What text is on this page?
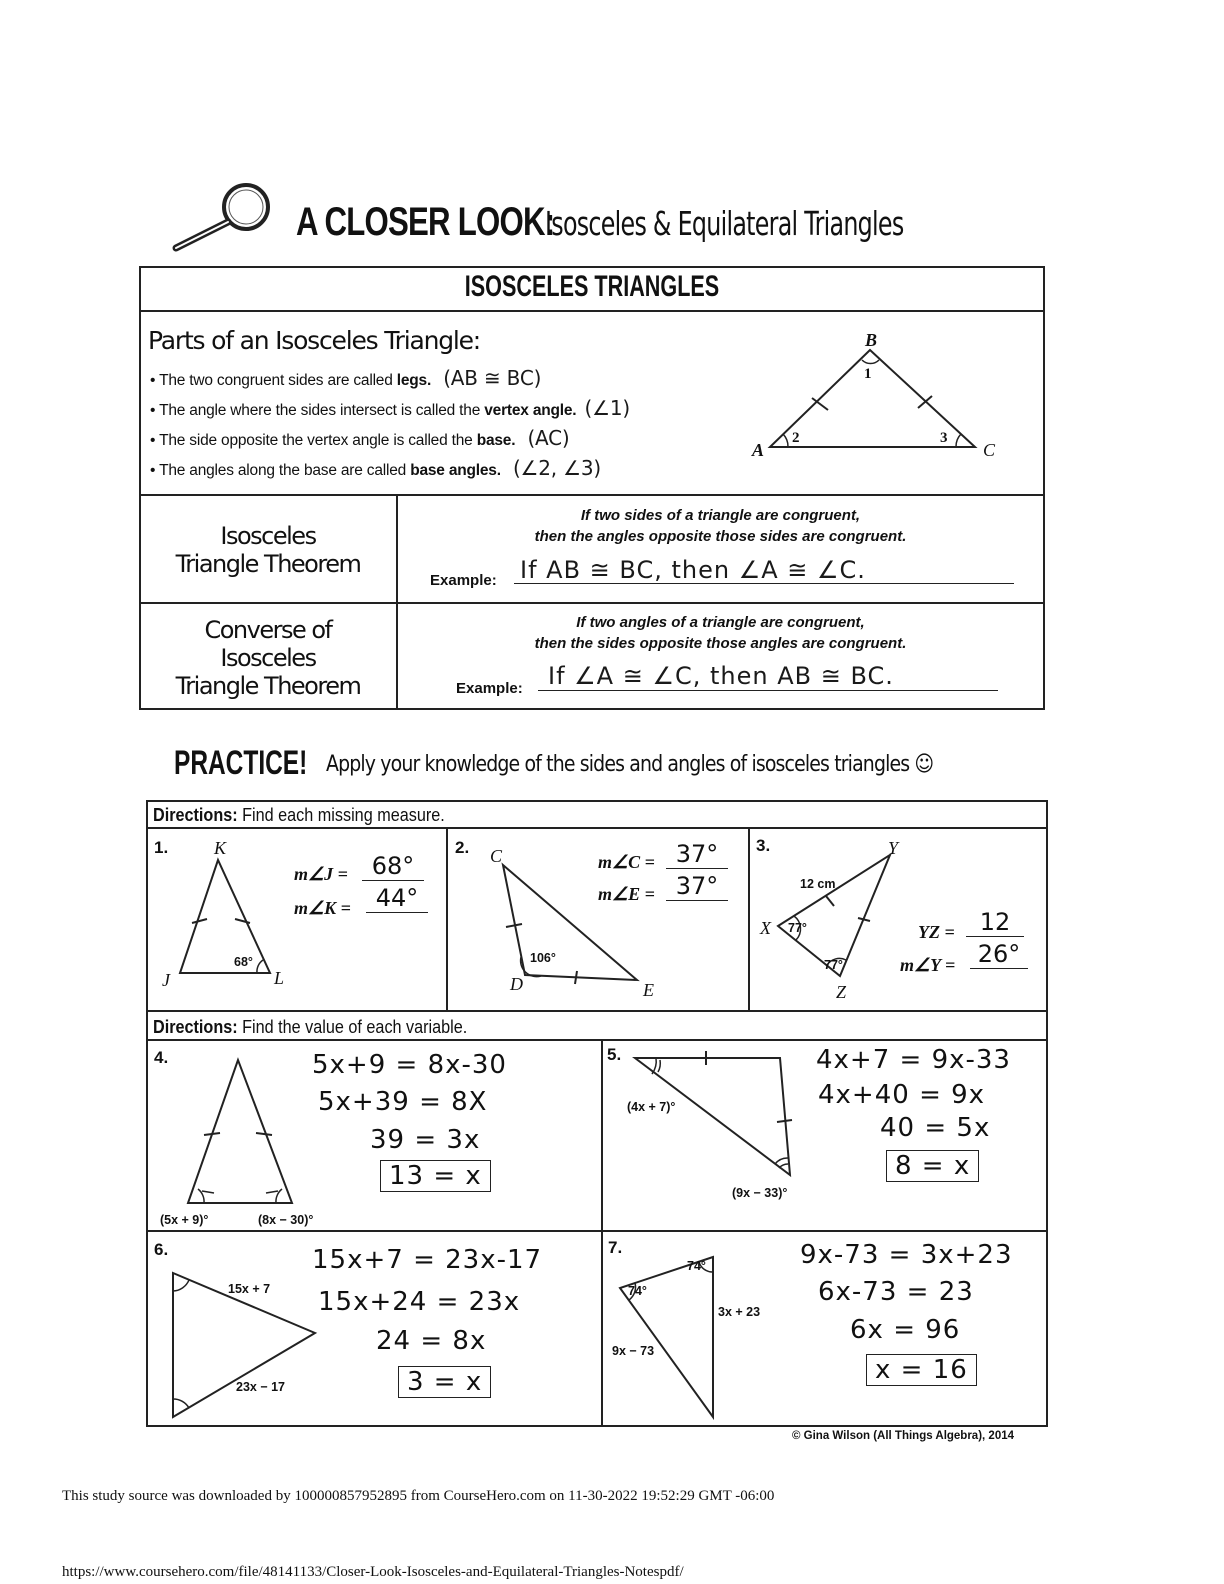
A CLOSER LOOK:
Isosceles & Equilateral Triangles
ISOSCELES TRIANGLES
Parts of an Isosceles Triangle:
• The two congruent sides are called legs. (AB ≅ BC)
• The angle where the sides intersect is called the vertex angle. (∠1)
• The side opposite the vertex angle is called the base. (AC)
• The angles along the base are called base angles. (∠2, ∠3)
B
A	C
1
2	3
Isosceles
Triangle Theorem
If two sides of a triangle are congruent,
then the angles opposite those sides are congruent.
Example: If AB ≅ BC, then ∠A ≅ ∠C.
Converse of
Isosceles
Triangle Theorem
If two angles of a triangle are congruent,
then the sides opposite those angles are congruent.
Example: If ∠A ≅ ∠C, then AB ≅ BC.
PRACTICE! Apply your knowledge of the sides and angles of isosceles triangles ☺
Directions: Find each missing measure.
Directions: Find the value of each variable.
1.	K
J	L
68°
m∠J = 68°
m∠K =	44°
2. C
D	E
106°
m∠C = 37°
m∠E = 37°
3.	Y
X
Z
12 cm
77°
77°
YZ =	12
m∠Y = 26°
4.
(5x + 9)°	(8x − 30)°
5x+9 = 8x-30
5x+39 = 8X
39 = 3x
13 = x
5.
(4x + 7)°
(9x − 33)°
4x+7 = 9x-33
4x+40 = 9x
40 = 5x
8 = x
6.
15x + 7
23x − 17
15x+7 = 23x-17
15x+24 = 23x
24 = 8x
3 = x
7.
74°
74°
3x + 23
9x − 73
9x-73 = 3x+23
6x-73 = 23
6x = 96
x = 16
© Gina Wilson (All Things Algebra), 2014
This study source was downloaded by 100000857952895 from CourseHero.com on 11-30-2022 19:52:29 GMT -06:00
https://www.coursehero.com/file/48141133/Closer-Look-Isosceles-and-Equilateral-Triangles-Notespdf/
